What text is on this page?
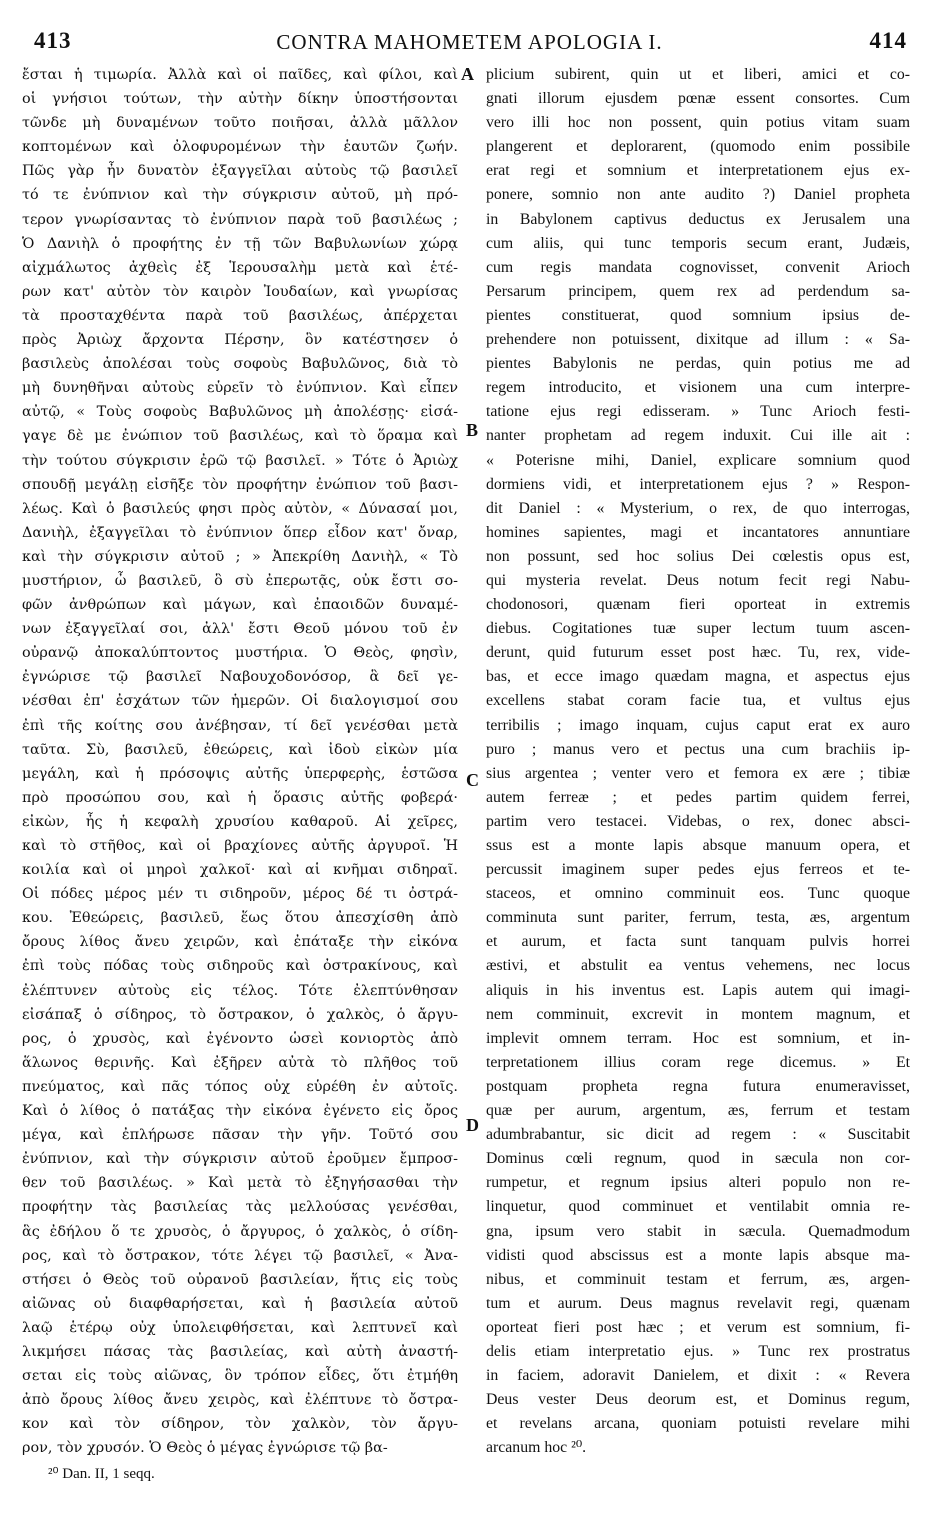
413	CONTRA MAHOMETEM APOLOGIA I.	414
ἔσται ἡ τιμωρία. Ἀλλὰ καὶ οἱ παῖδες, καὶ φίλοι, καὶ
οἱ γνήσιοι τούτων, τὴν αὐτὴν δίκην ὑποστήσονται
τῶνδε μὴ δυναμένων τοῦτο ποιῆσαι, ἀλλὰ μᾶλλον
κοπτομένων καὶ ὀλοφυρομένων τὴν ἑαυτῶν ζωήν.
Πῶς γὰρ ἦν δυνατὸν ἐξαγγεῖλαι αὐτοὺς τῷ βασιλεῖ
τό τε ἐνύπνιον καὶ τὴν σύγκρισιν αὐτοῦ, μὴ πρό-
τερον γνωρίσαντας τὸ ἐνύπνιον παρὰ τοῦ βασιλέως ;
Ὁ Δανιὴλ ὁ προφήτης ἐν τῇ τῶν Βαβυλωνίων χώρᾳ
αἰχμάλωτος ἀχθεὶς ἐξ Ἱερουσαλὴμ μετὰ καὶ ἑτέ-
ρων κατ' αὐτὸν τὸν καιρὸν Ἰουδαίων, καὶ γνωρίσας
τὰ προσταχθέντα παρὰ τοῦ βασιλέως, ἀπέρχεται
πρὸς Ἀριὼχ ἄρχοντα Πέρσην, ὃν κατέστησεν ὁ
βασιλεὺς ἀπολέσαι τοὺς σοφοὺς Βαβυλῶνος, διὰ τὸ
μὴ δυνηθῆναι αὐτοὺς εὑρεῖν τὸ ἐνύπνιον. Καὶ εἶπεν
αὐτῷ, « Τοὺς σοφοὺς Βαβυλῶνος μὴ ἀπολέσῃς· εἰσά-
γαγε δὲ με ἐνώπιον τοῦ βασιλέως, καὶ τὸ ὅραμα καὶ
τὴν τούτου σύγκρισιν ἐρῶ τῷ βασιλεῖ. » Τότε ὁ Ἀριὼχ
σπουδῇ μεγάλῃ εἰσῆξε τὸν προφήτην ἐνώπιον τοῦ βασι-
λέως. Καὶ ὁ βασιλεύς φησι πρὸς αὐτὸν, « Δύνασαί μοι,
Δανιὴλ, ἐξαγγεῖλαι τὸ ἐνύπνιον ὅπερ εἶδον κατ' ὄναρ,
καὶ τὴν σύγκρισιν αὐτοῦ ; » Ἀπεκρίθη Δανιὴλ, « Τὸ
μυστήριον, ὦ βασιλεῦ, ὃ σὺ ἐπερωτᾷς, οὐκ ἔστι σο-
φῶν ἀνθρώπων καὶ μάγων, καὶ ἐπαοιδῶν δυναμέ-
νων ἐξαγγεῖλαί σοι, ἀλλ' ἔστι Θεοῦ μόνου τοῦ ἐν
οὐρανῷ ἀποκαλύπτοντος μυστήρια. Ὁ Θεὸς, φησὶν,
ἐγνώρισε τῷ βασιλεῖ Ναβουχοδονόσορ, ἃ δεῖ γε-
νέσθαι ἐπ' ἐσχάτων τῶν ἡμερῶν. Οἱ διαλογισμοί σου
ἐπὶ τῆς κοίτης σου ἀνέβησαν, τί δεῖ γενέσθαι μετὰ
ταῦτα. Σὺ, βασιλεῦ, ἐθεώρεις, καὶ ἰδοὺ εἰκὼν μία
μεγάλη, καὶ ἡ πρόσοψις αὐτῆς ὑπερφερὴς, ἑστῶσα
πρὸ προσώπου σου, καὶ ἡ ὅρασις αὐτῆς φοβερά·
εἰκὼν, ἧς ἡ κεφαλὴ χρυσίου καθαροῦ. Αἱ χεῖρες,
καὶ τὸ στῆθος, καὶ οἱ βραχίονες αὐτῆς ἀργυροῖ. Ἡ
κοιλία καὶ οἱ μηροὶ χαλκοῖ· καὶ αἱ κνῆμαι σιδηραῖ.
Οἱ πόδες μέρος μέν τι σιδηροῦν, μέρος δέ τι ὀστρά-
κου. Ἐθεώρεις, βασιλεῦ, ἕως ὅτου ἀπεσχίσθη ἀπὸ
ὄρους λίθος ἄνευ χειρῶν, καὶ ἐπάταξε τὴν εἰκόνα
ἐπὶ τοὺς πόδας τοὺς σιδηροῦς καὶ ὀστρακίνους, καὶ
ἐλέπτυνεν αὐτοὺς εἰς τέλος. Τότε ἐλεπτύνθησαν
εἰσάπαξ ὁ σίδηρος, τὸ ὄστρακον, ὁ χαλκὸς, ὁ ἄργυ-
ρος, ὁ χρυσὸς, καὶ ἐγένοντο ὡσεὶ κονιορτὸς ἀπὸ
ἅλωνος θερινῆς. Καὶ ἐξῆρεν αὐτὰ τὸ πλῆθος τοῦ
πνεύματος, καὶ πᾶς τόπος οὐχ εὑρέθη ἐν αὐτοῖς.
Καὶ ὁ λίθος ὁ πατάξας τὴν εἰκόνα ἐγένετο εἰς ὄρος
μέγα, καὶ ἐπλήρωσε πᾶσαν τὴν γῆν. Τοῦτό σου
ἐνύπνιον, καὶ τὴν σύγκρισιν αὐτοῦ ἐροῦμεν ἔμπροσ-
θεν τοῦ βασιλέως. » Καὶ μετὰ τὸ ἐξηγήσασθαι τὴν
προφήτην τὰς βασιλείας τὰς μελλούσας γενέσθαι,
ἃς ἐδήλου ὅ τε χρυσὸς, ὁ ἄργυρος, ὁ χαλκὸς, ὁ σίδη-
ρος, καὶ τὸ ὄστρακον, τότε λέγει τῷ βασιλεῖ, « Ἀνα-
στήσει ὁ Θεὸς τοῦ οὐρανοῦ βασιλείαν, ἥτις εἰς τοὺς
αἰῶνας οὐ διαφθαρήσεται, καὶ ἡ βασιλεία αὐτοῦ
λαῷ ἑτέρῳ οὐχ ὑπολειφθήσεται, καὶ λεπτυνεῖ καὶ
λικμήσει πάσας τὰς βασιλείας, καὶ αὐτὴ ἀναστή-
σεται εἰς τοὺς αἰῶνας, ὃν τρόπον εἶδες, ὅτι ἐτμήθη
ἀπὸ ὄρους λίθος ἄνευ χειρὸς, καὶ ἐλέπτυνε τὸ ὄστρα-
κον καὶ τὸν σίδηρον, τὸν χαλκὸν, τὸν ἄργυ-
ρον, τὸν χρυσόν. Ὁ Θεὸς ὁ μέγας ἐγνώρισε τῷ βα-
plicium subirent, quin ut et liberi, amici et co-
gnati illorum ejusdem pœnæ essent consortes. Cum
vero illi hoc non possent, quin potius vitam suam
plangerent et deplorarent, (quomodo enim possibile
erat regi et somnium et interpretationem ejus ex-
ponere, somnio non ante audito ?) Daniel propheta
in Babylonem captivus deductus ex Jerusalem una
cum aliis, qui tunc temporis secum erant, Judæis,
cum regis mandata cognovisset, convenit Arioch
Persarum principem, quem rex ad perdendum sa-
pientes constituerat, quod somnium ipsius de-
prehendere non potuissent, dixitque ad illum : « Sa-
pientes Babylonis ne perdas, quin potius me ad
regem introducito, et visionem una cum interpre-
tatione ejus regi edisseram. » Tunc Arioch festi-
nanter prophetam ad regem induxit. Cui ille ait :
« Poterisne mihi, Daniel, explicare somnium quod
dormiens vidi, et interpretationem ejus ? » Respon-
dit Daniel : « Mysterium, o rex, de quo interrogas,
homines sapientes, magi et incantatores annuntiare
non possunt, sed hoc solius Dei cœlestis opus est,
qui mysteria revelat. Deus notum fecit regi Nabu-
chodonosori, quænam fieri oporteat in extremis
diebus. Cogitationes tuæ super lectum tuum ascen-
derunt, quid futurum esset post hæc. Tu, rex, vide-
bas, et ecce imago quædam magna, et aspectus ejus
excellens stabat coram facie tua, et vultus ejus
terribilis ; imago inquam, cujus caput erat ex auro
puro ; manus vero et pectus una cum brachiis ip-
sius argentea ; venter vero et femora ex ære ; tibiæ
autem ferreæ ; et pedes partim quidem ferrei,
partim vero testacei. Videbas, o rex, donec absci-
ssus est a monte lapis absque manuum opera, et
percussit imaginem super pedes ejus ferreos et te-
staceos, et omnino comminuit eos. Tunc quoque
comminuta sunt pariter, ferrum, testa, æs, argentum
et aurum, et facta sunt tanquam pulvis horrei
æstivi, et abstulit ea ventus vehemens, nec locus
aliquis in his inventus est. Lapis autem qui imagi-
nem comminuit, excrevit in montem magnum, et
implevit omnem terram. Hoc est somnium, et in-
terpretationem illius coram rege dicemus. » Et
postquam propheta regna futura enumeravisset,
quæ per aurum, argentum, æs, ferrum et testam
adumbrabantur, sic dicit ad regem : « Suscitabit
Dominus cœli regnum, quod in sæcula non cor-
rumpetur, et regnum ipsius alteri populo non re-
linquetur, quod comminuet et ventilabit omnia re-
gna, ipsum vero stabit in sæcula. Quemadmodum
vidisti quod abscissus est a monte lapis absque ma-
nibus, et comminuit testam et ferrum, æs, argen-
tum et aurum. Deus magnus revelavit regi, quænam
oporteat fieri post hæc ; et verum est somnium, fi-
delis etiam interpretatio ejus. » Tunc rex prostratus
in faciem, adoravit Danielem, et dixit : « Revera
Deus vester Deus deorum est, et Dominus regum,
et revelans arcana, quoniam potuisti revelare mihi
arcanum hoc ²⁰.
A
B
C
D
²⁰ Dan. II, 1 seqq.
